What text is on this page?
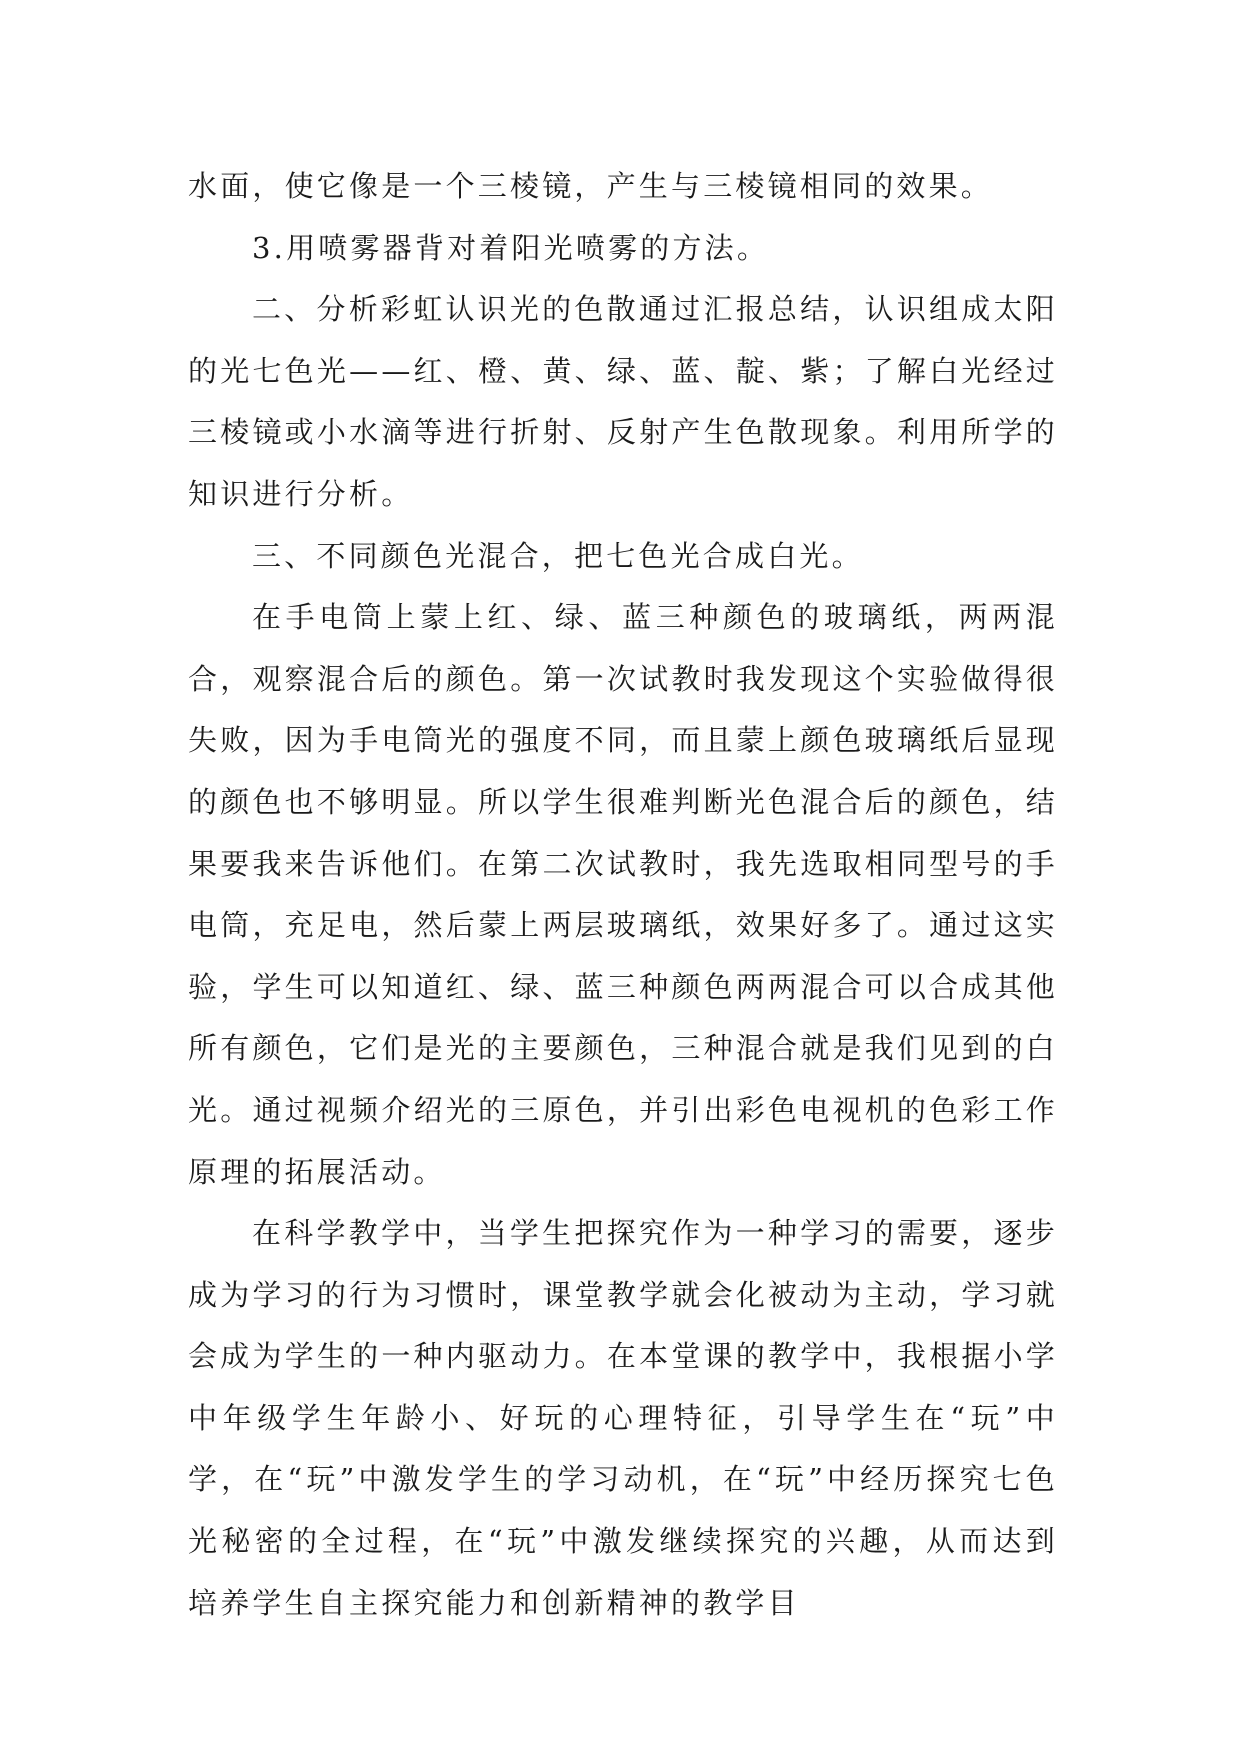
水面，使它像是一个三棱镜，产生与三棱镜相同的效果。

3.用喷雾器背对着阳光喷雾的方法。

二、分析彩虹认识光的色散通过汇报总结，认识组成太阳的光七色光——红、橙、黄、绿、蓝、靛、紫；了解白光经过三棱镜或小水滴等进行折射、反射产生色散现象。利用所学的知识进行分析。

三、不同颜色光混合，把七色光合成白光。

在手电筒上蒙上红、绿、蓝三种颜色的玻璃纸，两两混合，观察混合后的颜色。第一次试教时我发现这个实验做得很失败，因为手电筒光的强度不同，而且蒙上颜色玻璃纸后显现的颜色也不够明显。所以学生很难判断光色混合后的颜色，结果要我来告诉他们。在第二次试教时，我先选取相同型号的手电筒，充足电，然后蒙上两层玻璃纸，效果好多了。通过这实验，学生可以知道红、绿、蓝三种颜色两两混合可以合成其他所有颜色，它们是光的主要颜色，三种混合就是我们见到的白光。通过视频介绍光的三原色，并引出彩色电视机的色彩工作原理的拓展活动。

在科学教学中，当学生把探究作为一种学习的需要，逐步成为学习的行为习惯时，课堂教学就会化被动为主动，学习就会成为学生的一种内驱动力。在本堂课的教学中，我根据小学中年级学生年龄小、好玩的心理特征，引导学生在“玩”中学，在“玩”中激发学生的学习动机，在“玩”中经历探究七色光秘密的全过程，在“玩”中激发继续探究的兴趣，从而达到培养学生自主探究能力和创新精神的教学目
